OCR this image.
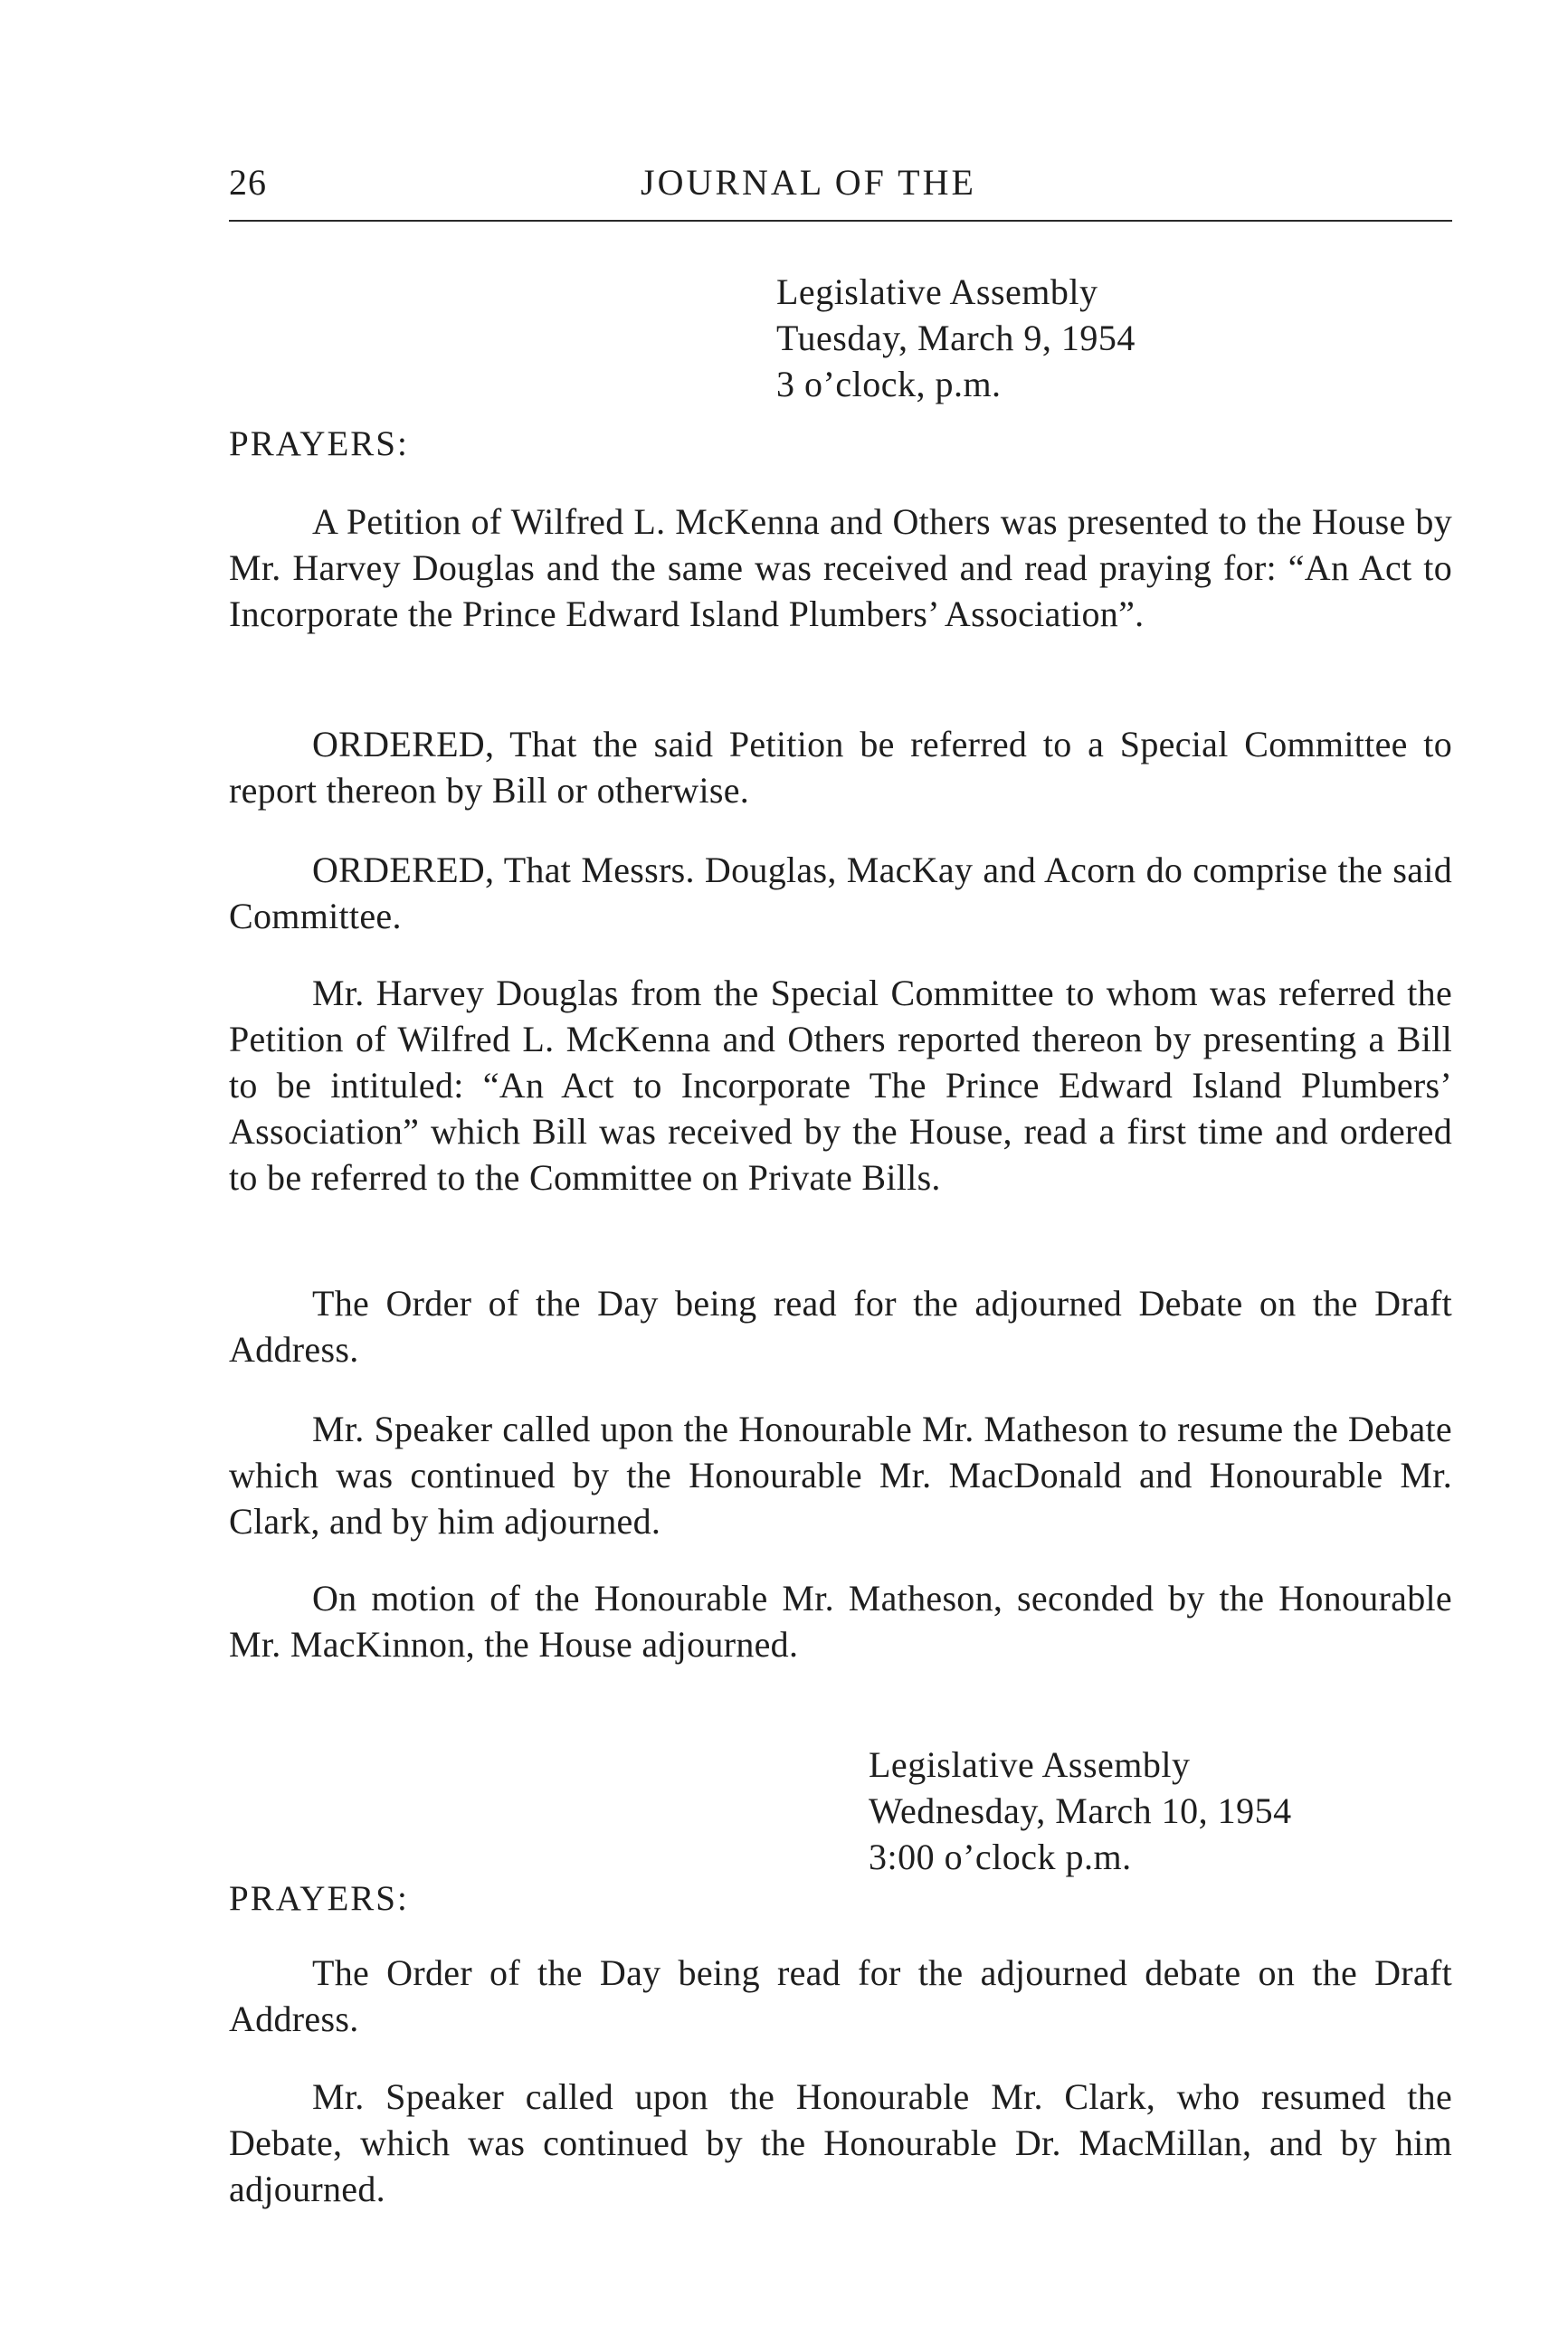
26	JOURNAL OF THE
Legislative Assembly
Tuesday, March 9, 1954
3 o’clock, p.m.
PRAYERS:

A Petition of Wilfred L. McKenna and Others was presented to the House by Mr. Harvey Douglas and the same was received and read praying for: “An Act to Incorporate the Prince Edward Island Plumbers’ Association”.

ORDERED, That the said Petition be referred to a Special Committee to report thereon by Bill or otherwise.

ORDERED, That Messrs. Douglas, MacKay and Acorn do comprise the said Committee.

Mr. Harvey Douglas from the Special Committee to whom was referred the Petition of Wilfred L. McKenna and Others reported thereon by presenting a Bill to be intituled: “An Act to Incorporate The Prince Edward Island Plumbers’ Association” which Bill was received by the House, read a first time and ordered to be referred to the Committee on Private Bills.

The Order of the Day being read for the adjourned Debate on the Draft Address.

Mr. Speaker called upon the Honourable Mr. Matheson to resume the Debate which was continued by the Honourable Mr. MacDonald and Honourable Mr. Clark, and by him adjourned.

On motion of the Honourable Mr. Matheson, seconded by the Honourable Mr. MacKinnon, the House adjourned.

Legislative Assembly
Wednesday, March 10, 1954
3:00 o’clock p.m.
PRAYERS:

The Order of the Day being read for the adjourned debate on the Draft Address.

Mr. Speaker called upon the Honourable Mr. Clark, who resumed the Debate, which was continued by the Honourable Dr. MacMillan, and by him adjourned.
